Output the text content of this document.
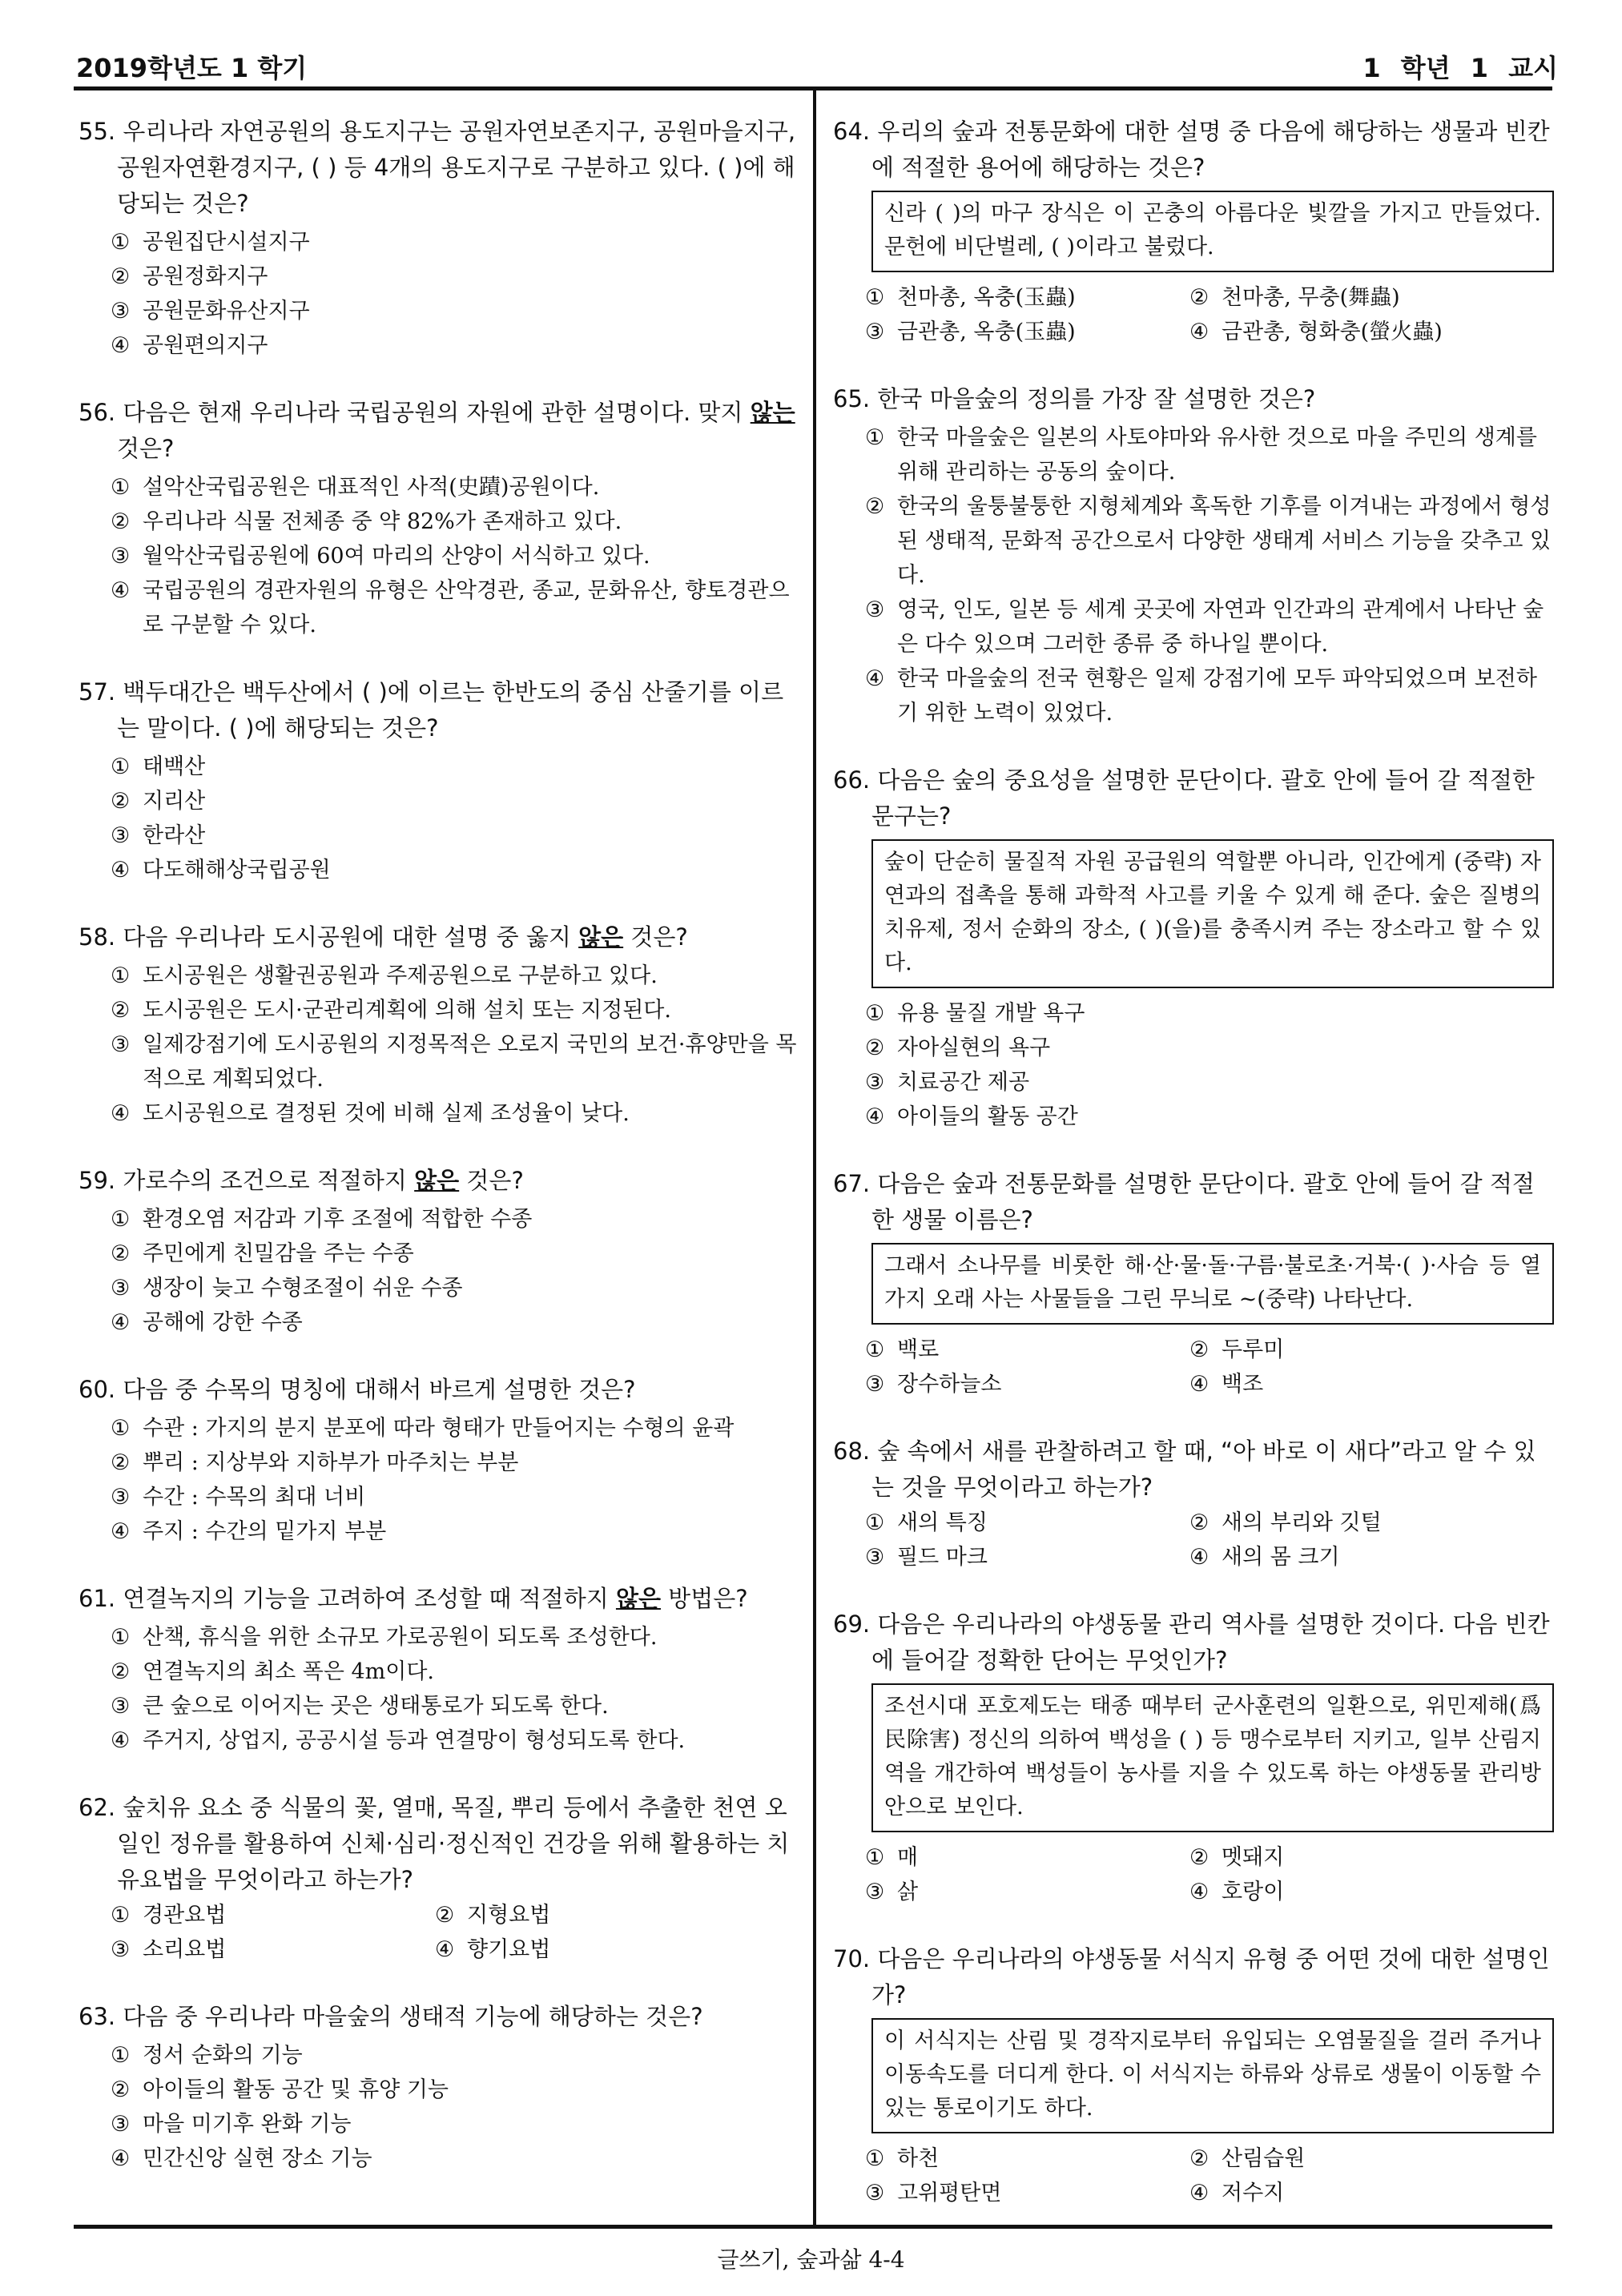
2019학년도 1 학기	1 학년 1 교시
55. 우리나라 자연공원의 용도지구는 공원자연보존지구, 공원마을지구, 공원자연환경지구, ( ) 등 4개의 용도지구로 구분하고 있다. ( )에 해당되는 것은?
① 공원집단시설지구
② 공원정화지구
③ 공원문화유산지구
④ 공원편의지구
56. 다음은 현재 우리나라 국립공원의 자원에 관한 설명이다. 맞지 않는 것은?
① 설악산국립공원은 대표적인 사적(史蹟)공원이다.
② 우리나라 식물 전체종 중 약 82%가 존재하고 있다.
③ 월악산국립공원에 60여 마리의 산양이 서식하고 있다.
④ 국립공원의 경관자원의 유형은 산악경관, 종교, 문화유산, 향토경관으로 구분할 수 있다.
57. 백두대간은 백두산에서 ( )에 이르는 한반도의 중심 산줄기를 이르는 말이다. ( )에 해당되는 것은?
① 태백산
② 지리산
③ 한라산
④ 다도해해상국립공원
58. 다음 우리나라 도시공원에 대한 설명 중 옳지 않은 것은?
① 도시공원은 생활권공원과 주제공원으로 구분하고 있다.
② 도시공원은 도시·군관리계획에 의해 설치 또는 지정된다.
③ 일제강점기에 도시공원의 지정목적은 오로지 국민의 보건·휴양만을 목적으로 계획되었다.
④ 도시공원으로 결정된 것에 비해 실제 조성율이 낮다.
59. 가로수의 조건으로 적절하지 않은 것은?
① 환경오염 저감과 기후 조절에 적합한 수종
② 주민에게 친밀감을 주는 수종
③ 생장이 늦고 수형조절이 쉬운 수종
④ 공해에 강한 수종
60. 다음 중 수목의 명칭에 대해서 바르게 설명한 것은?
① 수관 : 가지의 분지 분포에 따라 형태가 만들어지는 수형의 윤곽
② 뿌리 : 지상부와 지하부가 마주치는 부분
③ 수간 : 수목의 최대 너비
④ 주지 : 수간의 밑가지 부분
61. 연결녹지의 기능을 고려하여 조성할 때 적절하지 않은 방법은?
① 산책, 휴식을 위한 소규모 가로공원이 되도록 조성한다.
② 연결녹지의 최소 폭은 4m이다.
③ 큰 숲으로 이어지는 곳은 생태통로가 되도록 한다.
④ 주거지, 상업지, 공공시설 등과 연결망이 형성되도록 한다.
62. 숲치유 요소 중 식물의 꽃, 열매, 목질, 뿌리 등에서 추출한 천연 오일인 정유를 활용하여 신체·심리·정신적인 건강을 위해 활용하는 치유요법을 무엇이라고 하는가?
① 경관요법	② 지형요법
③ 소리요법	④ 향기요법
63. 다음 중 우리나라 마을숲의 생태적 기능에 해당하는 것은?
① 정서 순화의 기능
② 아이들의 활동 공간 및 휴양 기능
③ 마을 미기후 완화 기능
④ 민간신앙 실현 장소 기능
64. 우리의 숲과 전통문화에 대한 설명 중 다음에 해당하는 생물과 빈칸에 적절한 용어에 해당하는 것은?
신라 ( )의 마구 장식은 이 곤충의 아름다운 빛깔을 가지고 만들었다. 문헌에 비단벌레, ( )이라고 불렀다.
① 천마총, 옥충(玉蟲)	② 천마총, 무충(舞蟲)
③ 금관총, 옥충(玉蟲)	④ 금관총, 형화충(螢火蟲)
65. 한국 마을숲의 정의를 가장 잘 설명한 것은?
① 한국 마을숲은 일본의 사토야마와 유사한 것으로 마을 주민의 생계를 위해 관리하는 공동의 숲이다.
② 한국의 울퉁불퉁한 지형체계와 혹독한 기후를 이겨내는 과정에서 형성된 생태적, 문화적 공간으로서 다양한 생태계 서비스 기능을 갖추고 있다.
③ 영국, 인도, 일본 등 세계 곳곳에 자연과 인간과의 관계에서 나타난 숲은 다수 있으며 그러한 종류 중 하나일 뿐이다.
④ 한국 마을숲의 전국 현황은 일제 강점기에 모두 파악되었으며 보전하기 위한 노력이 있었다.
66. 다음은 숲의 중요성을 설명한 문단이다. 괄호 안에 들어 갈 적절한 문구는?
숲이 단순히 물질적 자원 공급원의 역할뿐 아니라, 인간에게 (중략) 자연과의 접촉을 통해 과학적 사고를 키울 수 있게 해 준다. 숲은 질병의 치유제, 정서 순화의 장소, ( )(을)를 충족시켜 주는 장소라고 할 수 있다.
① 유용 물질 개발 욕구
② 자아실현의 욕구
③ 치료공간 제공
④ 아이들의 활동 공간
67. 다음은 숲과 전통문화를 설명한 문단이다. 괄호 안에 들어 갈 적절한 생물 이름은?
그래서 소나무를 비롯한 해·산·물·돌·구름·불로초·거북·( )·사슴 등 열 가지 오래 사는 사물들을 그린 무늬로 ~(중략) 나타난다.
① 백로	② 두루미
③ 장수하늘소	④ 백조
68. 숲 속에서 새를 관찰하려고 할 때, “아 바로 이 새다”라고 알 수 있는 것을 무엇이라고 하는가?
① 새의 특징	② 새의 부리와 깃털
③ 필드 마크	④ 새의 몸 크기
69. 다음은 우리나라의 야생동물 관리 역사를 설명한 것이다. 다음 빈칸에 들어갈 정확한 단어는 무엇인가?
조선시대 포호제도는 태종 때부터 군사훈련의 일환으로, 위민제해(爲民除害) 정신의 의하여 백성을 ( ) 등 맹수로부터 지키고, 일부 산림지역을 개간하여 백성들이 농사를 지을 수 있도록 하는 야생동물 관리방안으로 보인다.
① 매	② 멧돼지
③ 삵	④ 호랑이
70. 다음은 우리나라의 야생동물 서식지 유형 중 어떤 것에 대한 설명인가?
이 서식지는 산림 및 경작지로부터 유입되는 오염물질을 걸러 주거나 이동속도를 더디게 한다. 이 서식지는 하류와 상류로 생물이 이동할 수 있는 통로이기도 하다.
① 하천	② 산림습원
③ 고위평탄면	④ 저수지
글쓰기, 숲과삶 4-4
